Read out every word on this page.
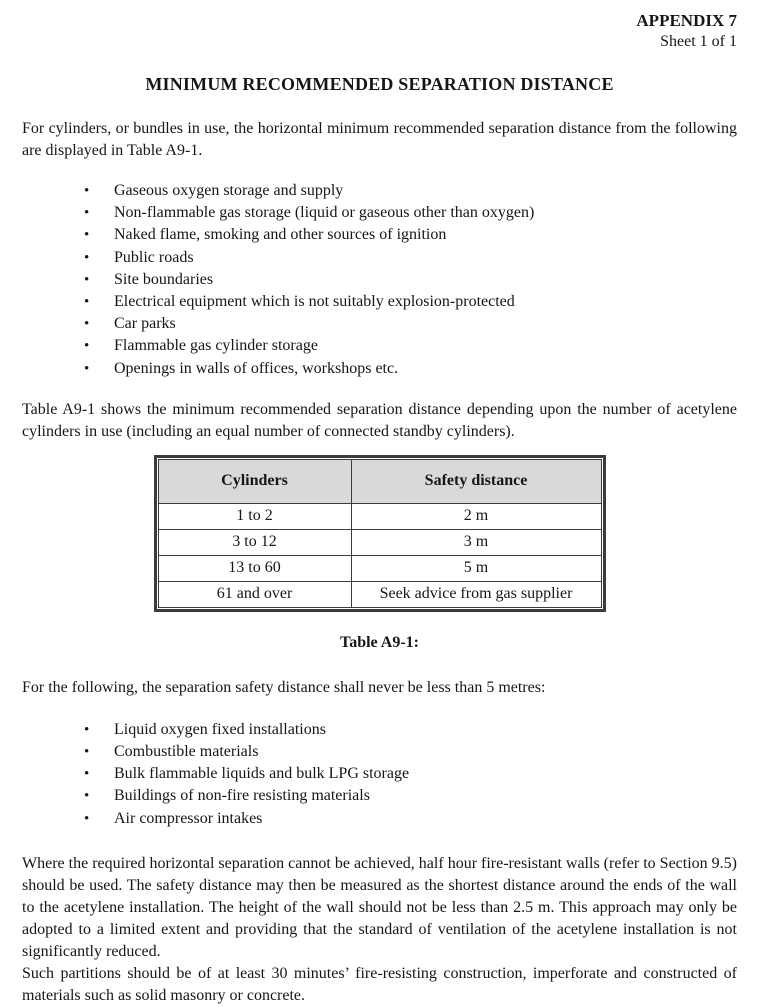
APPENDIX 7
Sheet 1 of 1
MINIMUM RECOMMENDED SEPARATION DISTANCE

For cylinders, or bundles in use, the horizontal minimum recommended separation distance from the following are displayed in Table A9-1.

•	Gaseous oxygen storage and supply
•	Non-flammable gas storage (liquid or gaseous other than oxygen)
•	Naked flame, smoking and other sources of ignition
•	Public roads
•	Site boundaries
•	Electrical equipment which is not suitably explosion-protected
•	Car parks
•	Flammable gas cylinder storage
•	Openings in walls of offices, workshops etc.

Table A9-1 shows the minimum recommended separation distance depending upon the number of acetylene cylinders in use (including an equal number of connected standby cylinders).

Cylinders	Safety distance
1 to 2	2 m
3 to 12	3 m
13 to 60	5 m
61 and over	Seek advice from gas supplier
Table A9-1:

For the following, the separation safety distance shall never be less than 5 metres:

•	Liquid oxygen fixed installations
•	Combustible materials
•	Bulk flammable liquids and bulk LPG storage
•	Buildings of non-fire resisting materials
•	Air compressor intakes

Where the required horizontal separation cannot be achieved, half hour fire-resistant walls (refer to Section 9.5) should be used. The safety distance may then be measured as the shortest distance around the ends of the wall to the acetylene installation. The height of the wall should not be less than 2.5 m. This approach may only be adopted to a limited extent and providing that the standard of ventilation of the acetylene installation is not significantly reduced.

Such partitions should be of at least 30 minutes’ fire-resisting construction, imperforate and constructed of materials such as solid masonry or concrete.
